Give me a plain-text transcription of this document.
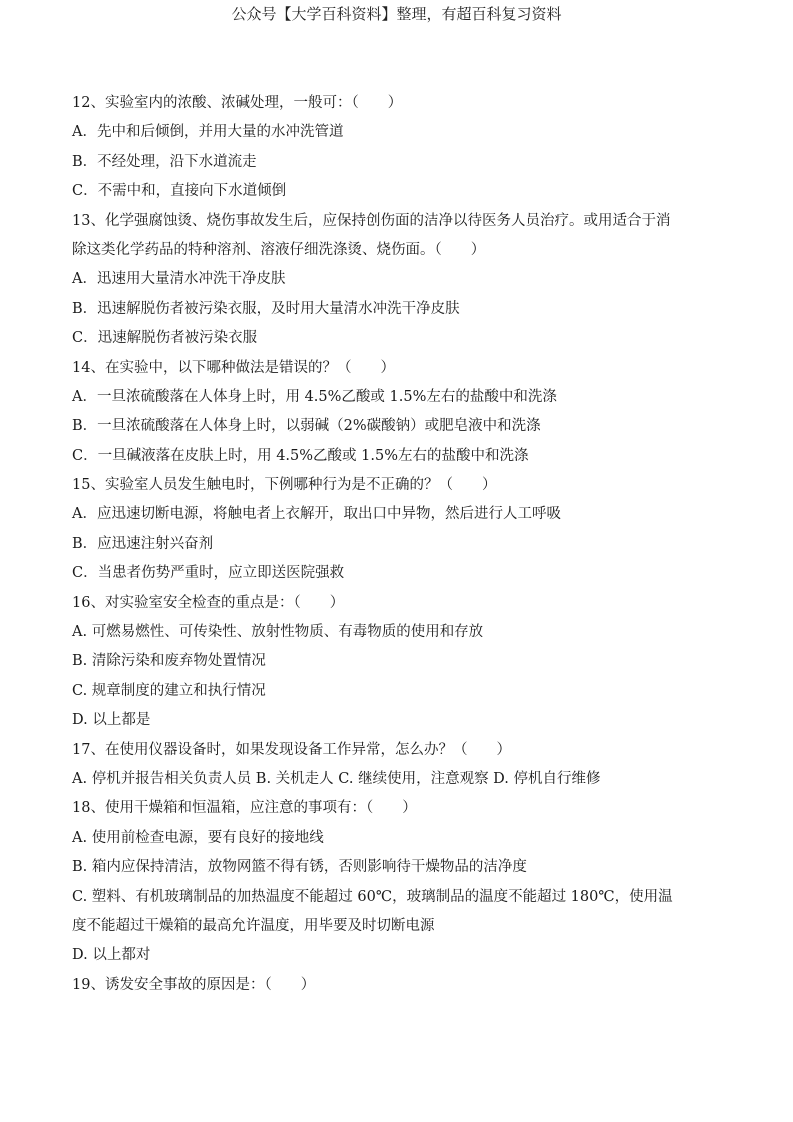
公众号【大学百科资料】整理，有超百科复习资料
12、实验室内的浓酸、浓碱处理，一般可：（　　）
A．先中和后倾倒，并用大量的水冲洗管道
B．不经处理，沿下水道流走
C．不需中和，直接向下水道倾倒
13、化学强腐蚀烫、烧伤事故发生后，应保持创伤面的洁净以待医务人员治疗。或用适合于消
除这类化学药品的特种溶剂、溶液仔细洗涤烫、烧伤面。（　　）
A．迅速用大量清水冲洗干净皮肤
B．迅速解脱伤者被污染衣服，及时用大量清水冲洗干净皮肤
C．迅速解脱伤者被污染衣服
14、在实验中，以下哪种做法是错误的？（　　）
A．一旦浓硫酸落在人体身上时，用 4.5%乙酸或 1.5%左右的盐酸中和洗涤
B．一旦浓硫酸落在人体身上时，以弱碱（2%碳酸钠）或肥皂液中和洗涤
C．一旦碱液落在皮肤上时，用 4.5%乙酸或 1.5%左右的盐酸中和洗涤
15、实验室人员发生触电时，下例哪种行为是不正确的？（　　）
A．应迅速切断电源，将触电者上衣解开，取出口中异物，然后进行人工呼吸
B．应迅速注射兴奋剂
C．当患者伤势严重时，应立即送医院强救
16、对实验室安全检查的重点是：（　　）
A. 可燃易燃性、可传染性、放射性物质、有毒物质的使用和存放
B. 清除污染和废弃物处置情况
C. 规章制度的建立和执行情况
D. 以上都是
17、在使用仪器设备时，如果发现设备工作异常，怎么办？（　　）
A. 停机并报告相关负责人员 B. 关机走人 C. 继续使用，注意观察 D. 停机自行维修
18、使用干燥箱和恒温箱，应注意的事项有：（　　）
A. 使用前检查电源，要有良好的接地线
B. 箱内应保持清洁，放物网篮不得有锈，否则影响待干燥物品的洁净度
C. 塑料、有机玻璃制品的加热温度不能超过 60℃，玻璃制品的温度不能超过 180℃，使用温
度不能超过干燥箱的最高允许温度，用毕要及时切断电源
D. 以上都对
19、诱发安全事故的原因是：（　　）
